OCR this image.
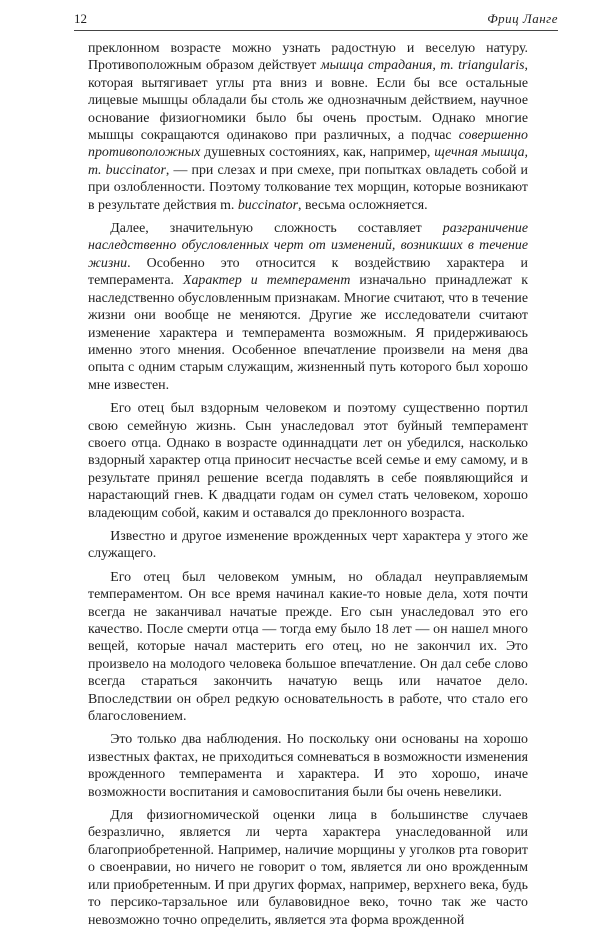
12	Фриц Ланге

преклонном возрасте можно узнать радостную и веселую натуру. Противоположным образом действует мышца страдания, m. triangularis, которая вытягивает углы рта вниз и вовне. Если бы все остальные лицевые мышцы обладали бы столь же однозначным действием, научное основание физиогномики было бы очень простым. Однако многие мышцы сокращаются одинаково при различных, а подчас совершенно противоположных душевных состояниях, как, например, щечная мышца, m. buccinator, — при слезах и при смехе, при попытках овладеть собой и при озлобленности. Поэтому толкование тех морщин, которые возникают в результате действия m. buccinator, весьма осложняется.

Далее, значительную сложность составляет разграничение наследственно обусловленных черт от изменений, возникших в течение жизни. Особенно это относится к воздействию характера и темперамента. Характер и темперамент изначально принадлежат к наследственно обусловленным признакам. Многие считают, что в течение жизни они вообще не меняются. Другие же исследователи считают изменение характера и темперамента возможным. Я придерживаюсь именно этого мнения. Особенное впечатление произвели на меня два опыта с одним старым служащим, жизненный путь которого был хорошо мне известен.

Его отец был вздорным человеком и поэтому существенно портил свою семейную жизнь. Сын унаследовал этот буйный темперамент своего отца. Однако в возрасте одиннадцати лет он убедился, насколько вздорный характер отца приносит несчастье всей семье и ему самому, и в результате принял решение всегда подавлять в себе появляющийся и нарастающий гнев. К двадцати годам он сумел стать человеком, хорошо владеющим собой, каким и оставался до преклонного возраста.

Известно и другое изменение врожденных черт характера у этого же служащего.

Его отец был человеком умным, но обладал неуправляемым темпераментом. Он все время начинал какие-то новые дела, хотя почти всегда не заканчивал начатые прежде. Его сын унаследовал это его качество. После смерти отца — тогда ему было 18 лет — он нашел много вещей, которые начал мастерить его отец, но не закончил их. Это произвело на молодого человека большое впечатление. Он дал себе слово всегда стараться закончить начатую вещь или начатое дело. Впоследствии он обрел редкую основательность в работе, что стало его благословением.

Это только два наблюдения. Но поскольку они основаны на хорошо известных фактах, не приходиться сомневаться в возможности изменения врожденного темперамента и характера. И это хорошо, иначе возможности воспитания и самовоспитания были бы очень невелики.

Для физиогномической оценки лица в большинстве случаев безразлично, является ли черта характера унаследованной или благоприобретенной. Например, наличие морщины у уголков рта говорит о своенравии, но ничего не говорит о том, является ли оно врожденным или приобретенным. И при других формах, например, верхнего века, будь то персико-тарзальное или булавовидное веко, точно так же часто невозможно точно определить, является эта форма врожденной
